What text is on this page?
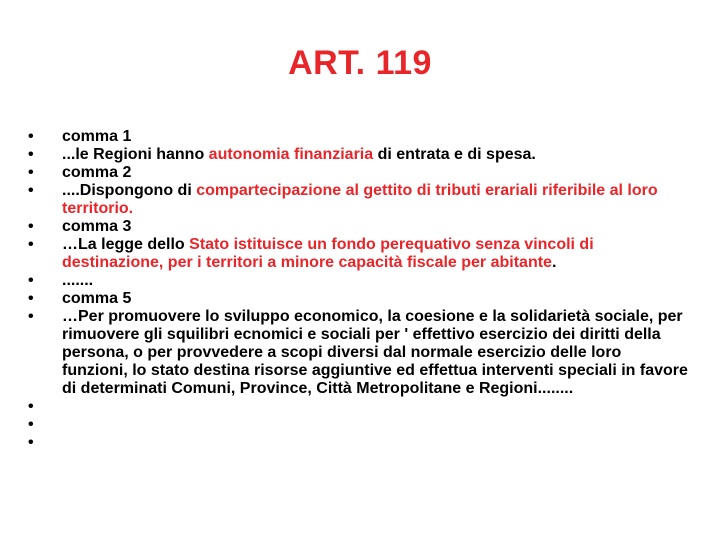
ART. 119
•	comma 1
•	...le Regioni hanno autonomia finanziaria di entrata e di spesa.
•	comma 2
•	....Dispongono di compartecipazione al gettito di tributi erariali riferibile al loro territorio.
•	comma 3
•	…La legge dello Stato istituisce un fondo perequativo senza vincoli di destinazione, per i territori a minore capacità fiscale per abitante.
•	.......
•	comma 5
•	…Per promuovere lo sviluppo economico, la coesione e la solidarietà sociale, per rimuovere gli squilibri ecnomici e sociali per ' effettivo esercizio dei diritti della persona, o per provvedere a scopi diversi dal normale esercizio delle loro funzioni, lo stato destina risorse aggiuntive ed effettua interventi speciali in favore di determinati Comuni, Province, Città Metropolitane e Regioni........
•
•
•
